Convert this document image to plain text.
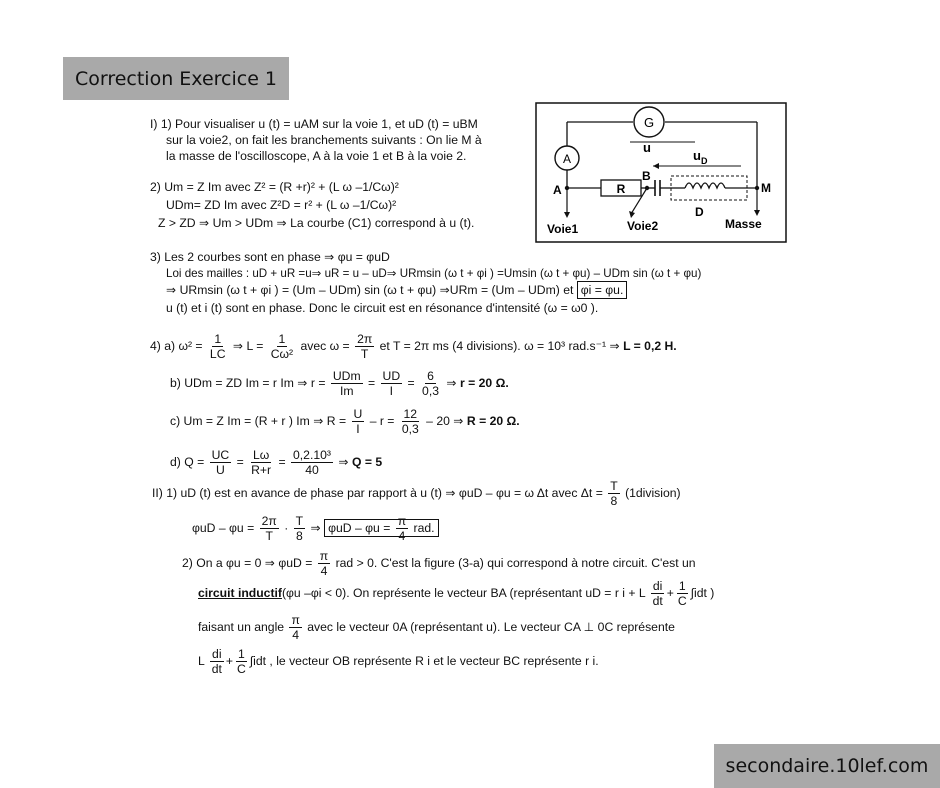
Correction Exercice 1
G
u
A
R
$u_D$
A
B
M
D
Voie1	Voie2	Masse
I) 1) Pour visualiser u (t) = uAM sur la voie 1, et uD (t) = uBM
sur la voie2, on fait les branchements suivants : On lie M à
la masse de l'oscilloscope, A à la voie 1 et B à la voie 2.
2) Um = Z Im avec Z² = (R +r)² + (L ω –1/Cω)²
UDm= ZD Im avec Z²D = r² + (L ω –1/Cω)²
Z > ZD ⇒ Um > UDm ⇒ La courbe (C1) correspond à u (t).
3) Les 2 courbes sont en phase ⇒ φu = φuD
Loi des mailles : uD + uR =u⇒ uR = u – uD⇒ URmsin (ω t + φi ) =Umsin (ω t + φu) – UDm sin (ω t + φu)
⇒ URmsin (ω t + φi ) = (Um – UDm) sin (ω t + φu) ⇒URm = (Um – UDm) et φi = φu.
u (t) et i (t) sont en phase. Donc le circuit est en résonance d'intensité (ω = ω0 ).
4) a) $\omega^2 = \frac{1}{LC}$ ⇒ $L = \frac{1}{\text{Cω²}}$ avec $\omega = \frac{2\pi}{T}$ et T = 2π ms (4 divisions). ω = 10³ rad.s⁻¹ ⇒ L = 0,2 H.
b) UDm = ZD Im = r Im ⇒ r = UDm
Im
= $\frac{UD}{I} = \frac{6}{0,3}$ ⇒ r = 20 Ω.
c) Um = Z Im = (R + r ) Im ⇒ $R = \frac{U}{I} - r = \frac{12}{0,3} - 20$ ⇒ R = 20 Ω.
d) $Q = \frac{UC}{U} = \frac{L\omega}{R+r} = \frac{\text{0,2.10³}}{40}$ ⇒ Q = 5
II) 1) uD (t) est en avance de phase par rapport à u (t) ⇒ φuD – φu = ω Δt avec $\Delta t = \frac{T}{8}$ (1division)
$\varphi uD - \varphi u = \frac{2\pi}{T} \cdot \frac{T}{8}$ ⇒ $\varphi uD - \varphi u = \frac{\pi}{4}$ rad.
2) On a φu = 0 ⇒ $\varphi uD = \frac{\pi}{4}$ rad > 0. C'est la figure (3-a) qui correspond à notre circuit. C'est un
circuit inductif(φu –φi < 0). On représente le vecteur BA (représentant uD = r i + L $\frac{di}{dt} + \frac{1}{C} \int idt$ )
faisant un angle $\frac{\pi}{4}$ avec le vecteur 0A (représentant u). Le vecteur CA ⊥ 0C représente
L $\frac{di}{dt} + \frac{1}{C} \int idt$ , le vecteur OB représente R i et le vecteur BC représente r i.
secondaire.10lef.com
